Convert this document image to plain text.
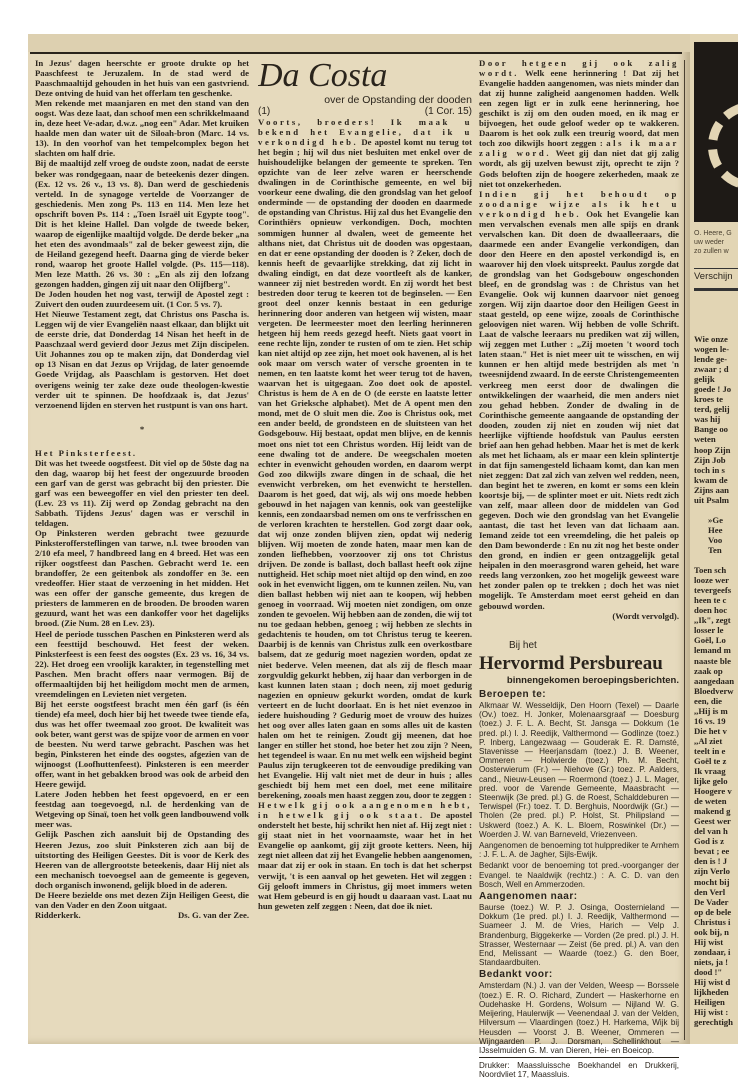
In Jezus' dagen heerschte er groote drukte op het Paaschfeest te Jeruzalem. In de stad werd de Paaschmaaltijd gehouden in het huis van een gastvriend. Deze ontving de huid van het offerlam ten geschenke.

Men rekende met maanjaren en met den stand van den oogst. Was deze laat, dan schoof men een schrikkelmaand in, deze heet Ve-adar, d.w.z. „nog een" Adar. Met kruiken haalde men dan water uit de Siloah-bron (Marc. 14 vs. 13). In den voorhof van het tempelcomplex begon het slachten om half drie.

Bij de maaltijd zelf vroeg de oudste zoon, nadat de eerste beker was rondgegaan, naar de beteekenis dezer dingen. (Ex. 12 vs. 26 v., 13 vs. 8). Dan werd de geschiedenis verteld. In de synagoge vertelde de Voorzanger de geschiedenis. Men zong Ps. 113 en 114. Men leze het opschrift boven Ps. 114 : „Toen Israël uit Egypte toog". Dit is het kleine Hallel. Dan volgde de tweede beker, waarop de eigenlijke maaltijd volgde. De derde beker „na het eten des avondmaals" zal de beker geweest zijn, die de Heiland gezegend heeft. Daarna ging de vierde beker rond, waarop het groote Hallel volgde. (Ps. 115—118). Men leze Matth. 26 vs. 30 : „En als zij den lofzang gezongen hadden, gingen zij uit naar den Olijfberg".

De Joden houden het nog vast, terwijl de Apostel zegt : Zuivert den ouden zuurdeesem uit. (1 Cor. 5 vs. 7).

Het Nieuwe Testament zegt, dat Christus ons Pascha is. Leggen wij de vier Evangeliën naast elkaar, dan blijkt uit de eerste drie, dat Donderdag 14 Nisan het heeft in de Paaschzaal werd gevierd door Jezus met Zijn discipelen. Uit Johannes zou op te maken zijn, dat Donderdag viel op 13 Nisan en dat Jezus op Vrijdag, de later genoemde Goede Vrijdag, als Paaschlam is gestorven. Het doet overigens weinig ter zake deze oude theologen-kwestie verder uit te spinnen. De hoofdzaak is, dat Jezus' verzoenend lijden en sterven het rustpunt is van ons hart.

*

Het Pinksterfeest.

Dit was het tweede oogstfeest. Dit viel op de 50ste dag na den dag, waarop bij het feest der ongezuurde brooden een garf van de gerst was gebracht bij den priester. Die garf was een beweegoffer en viel den priester ten deel. (Lev. 23 vs 11). Zij werd op Zondag gebracht na den Sabbath. Tijdens Jezus' dagen was er verschil in teldagen.

Op Pinksteren werden gebracht twee gezuurde Pinksteroffersteflingen van tarwe, n.l. twee brooden van 2/10 efa meel, 7 handbreed lang en 4 breed. Het was een rijker oogstfeest dan Paschen. Gebracht werd 1e. een brandoffer, 2e een geitenbok als zondoffer en 3e. een vredeoffer. Hier staat de verzoening in het midden. Het was een offer der gansche gemeente, dus kregen de priesters de lammeren en de brooden. De brooden waren gezuurd, want het was een dankoffer voor het dagelijks brood. (Zie Num. 28 en Lev. 23).

Heel de periode tusschen Paschen en Pinksteren werd als een feesttijd beschouwd. Het feest der weken. Pinksterfeest is een feest des oogstes (Ex. 23 vs. 16, 34 vs. 22). Het droeg een vroolijk karakter, in tegenstelling met Paschen. Men bracht offers naar vermogen. Bij de offermaaltijden bij het heiligdom mocht men de armen, vreemdelingen en Levieten niet vergeten.

Bij het eerste oogstfeest bracht men één garf (is één tiende) efa meel, doch hier bij het tweede twee tiende efa, dus was het offer tweemaal zoo groot. De kwaliteit was ook beter, want gerst was de spijze voor de armen en voor de beesten. Nu werd tarwe gebracht. Paschen was het begin, Pinksteren het einde des oogstes, afgezien van de wijnoogst (Loofhuttenfeest). Pinksteren is een meerder offer, want in het gebakken brood was ook de arbeid den Heere gewijd.

Latere Joden hebben het feest opgevoerd, en er een feestdag aan toegevoegd, n.l. de herdenking van de Wetgeving op Sinaï, toen het volk geen landbouwend volk meer was.

Gelijk Paschen zich aansluit bij de Opstanding des Heeren Jezus, zoo sluit Pinksteren zich aan bij de uitstorting des Heiligen Geestes. Dit is voor de Kerk des Heeren van de allergrootste beteekenis, daar Hij niet als een mechanisch toevoegsel aan de gemeente is gegeven, doch organisch inwonend, gelijk bloed in de aderen.

De Heere bezielde ons met dezen Zijn Heiligen Geest, die van den Vader en den Zoon uitgaat.

Ridderkerk.	Ds. G. van der Zee.

Da Costa

over de Opstanding der dooden

(1)	(1 Cor. 15)

Voorts, broeders! Ik maak u bekend het Evangelie, dat ik u verkondigd heb. De apostel komt nu terug tot het begin ; hij wil dus niet besluiten met enkel over de huishoudelijke belangen der gemeente te spreken. Ten opzichte van de leer zelve waren er heerschende dwalingen in de Corinthische gemeente, en wel bij voorkeur eene dwaling, die den grondslag van het geloof onderminde — de opstanding der dooden en daarmede de opstanding van Christus. Hij zal dus het Evangelie den Corinthiërs opnieuw verkondigen. Doch, mochten sommigen hunner al dwalen, weet de gemeente het althans niet, dat Christus uit de dooden was opgestaan, en dat er eene opstanding der dooden is ? Zeker, doch de kennis heeft de gevaarlijke strekking, dat zij licht in dwaling eindigt, en dat deze voortleeft als de kanker, wanneer zij niet bestreden wordt. En zij wordt het best bestreden door terug te keeren tot de beginselen. — Een groot deel onzer kennis bestaat in een gedurige herinnering door anderen van hetgeen wij wisten, maar vergeten. De leermeester moet den leerling herinneren hetgeen hij hem reeds gezegd heeft. Niets gaat voort in eene rechte lijn, zonder te rusten of om te zien. Het schip kan niet altijd op zee zijn, het moet ook havenen, al is het ook maar om versch water of versche groenten in te nemen, en ten laatste komt het weer terug tot de haven, waarvan het is uitgegaan. Zoo doet ook de apostel. Christus is hem de A en de O (de eerste en laatste letter van het Grieksche alphabet). Met de A opent men den mond, met de O sluit men die. Zoo is Christus ook, met een ander beeld, de grondsteen en de sluitsteen van het Godsgebouw. Hij bestaat, opdat men blijve, en de kennis moet ons niet tot een Christus worden. Hij leidt van de eene dwaling tot de andere. De weegschalen moeten echter in evenwicht gehouden worden, en daarom werpt God zoo dikwijls zware dingen in de schaal, die het evenwicht verbreken, om het evenwicht te herstellen. Daarom is het goed, dat wij, als wij ons moede hebben gebouwd in het najagen van kennis, ook van geestelijke kennis, een zondaarsbad nemen om ons te verfrisschen en de verloren krachten te herstellen. God zorgt daar ook, dat wij onze zonden blijven zien, opdat wij nederig blijven. Wij moeten de zonde haten, maar men kan de zonden liefhebben, voorzoover zij ons tot Christus drijven. De zonde is ballast, doch ballast heeft ook zijne nuttigheid. Het schip moet niet altijd op den wind, en zoo ook in het evenwicht liggen, om te kunnen zeilen. Nu, van dien ballast hebben wij niet aan te koopen, wij hebben genoeg in voorraad. Wij moeten niet zondigen, om onze zonden te gevoelen. Wij hebben aan de zonden, die wij tot nu toe gedaan hebben, genoeg ; wij hebben ze slechts in gedachtenis te houden, om tot Christus terug te keeren. Daarbij is de kennis van Christus zulk een overkostbare balsem, dat ze gedurig moet nagezien worden, opdat ze niet bederve. Velen meenen, dat als zij de flesch maar zorgvuldig gekurkt hebben, zij haar dan verborgen in de kast kunnen laten staan ; doch neen, zij moet gedurig nagezien en opnieuw gekurkt worden, omdat de kurk verteert en de lucht doorlaat. En is het niet evenzoo in iedere huishouding ? Gedurig moet de vrouw des huizes het oog over alles laten gaan en soms alles uit de kasten halen om het te reinigen. Zoudt gij meenen, dat hoe langer en stiller het stond, hoe beter het zou zijn ? Neen, het tegendeel is waar. En nu met welk een wijsheid begint Paulus zijn terugkeeren tot de eenvoudige prediking van het Evangelie. Hij valt niet met de deur in huis ; alles geschiedt bij hem met een doel, met eene militaire berekening, zooals men haast zeggen zou, door te zeggen :

Hetwelk gij ook aangenomen hebt, in hetwelk gij ook staat. De apostel onderstelt het beste, hij schrikt hen niet af. Hij zegt niet : gij staat niet in het voornaamste, waar het in het Evangelie op aankomt, gij zijt groote ketters. Neen, hij zegt niet alleen dat zij het Evangelie hebben aangenomen, maar dat zij er ook in staan. En toch is dat het scherpst verwijt, 't is een aanval op het geweten. Het wil zeggen : Gij gelooft immers in Christus, gij moet immers weten wat Hem gebeurd is en gij houdt u daaraan vast. Laat nu hun geweten zelf zeggen : Neen, dat doe ik niet.

Door hetgeen gij ook zalig wordt. Welk eene herinnering ! Dat zij het Evangelie hadden aangenomen, was niets minder dan dat zij hunne zaligheid aangenomen hadden. Welk een zegen ligt er in zulk eene herinnering, hoe geschikt is zij om den ouden moed, en ik mag er bijvoegen, het oude geloof weder op te wakkeren. Daarom is het ook zulk een treurig woord, dat men toch zoo dikwijls hoort zeggen : als ik maar zalig word. Weet gij dan niet dat gij zalig wordt, als gij uzelven bewust zijt, oprecht te zijn ? Gods beloften zijn de hoogere zekerheden, maak ze niet tot onzekerheden.

Indien gij het behoudt op zoodanige wijze als ik het u verkondigd heb. Ook het Evangelie kan men vervalschen evenals men alle spijs en drank vervalschen kan. Dit doen de dwaalleeraars, die daarmede een ander Evangelie verkondigen, dan door den Heere en den apostel verkondigd is, en waarover hij den vloek uitspreekt. Paulus zorgde dat de grondslag van het Godsgebouw ongeschonden bleef, en de grondslag was : de Christus van het Evangelie. Ook wij kunnen daarvoor niet genoeg zorgen. Wij zijn daartoe door den Heiligen Geest in staat gesteld, op eene wijze, zooals de Corinthische geloovigen niet waren. Wij hebben de volle Schrift. Laat de valsche leeraars nu prediken wat zij willen, wij zeggen met Luther : „Zij moeten 't woord toch laten staan." Het is niet meer uit te wisschen, en wij kunnen er hen altijd mede bestrijden als met 'n tweesnijdend zwaard. In de eerste Christengemeenten verkreeg men eerst door de dwalingen die ontwikkelingen der waarheid, die men anders niet zou gehad hebben. Zonder de dwaling in de Corinthische gemeente aangaande de opstanding der dooden, zouden zij niet en zouden wij niet dat heerlijke vijftiende hoofdstuk van Paulus eersten brief aan hen gehad hebben. Maar het is met de kerk als met het lichaam, als er maar een klein splintertje in dat fijn samengesteld lichaam komt, dan kan men niet zeggen: Dat zal zich van zelven wel redden, neen, dan begint het te zweren, en komt er soms een klein koortsje bij, — de splinter moet er uit. Niets redt zich van zelf, maar alleen door de middelen van God gegeven. Doch wie den grondslag van het Evangelie aantast, die tast het leven van dat lichaam aan. Iemand zeide tot een vreemdeling, die het paleis op den Dam bewonderde : En nu zit nog het beste onder den grond, en indien er geen ontzaggelijk getal heipalen in den moerasgrond waren geheid, het ware reeds lang verzonken, zoo het mogelijk geweest ware het zonder palen op te trekken ; doch het was niet mogelijk. Te Amsterdam moet eerst geheid en dan gebouwd worden.

(Wordt vervolgd).

Bij het
Hervormd Persbureau
binnengekomen beroepingsberichten.
Beroepen te:

Alkmaar W. Wesseldijk, Den Hoorn (Texel) — Daarle (Ov.) toez. H. Jonker, Molenaarsgraaf — Doesburg (toez.) J. F. L. A. Becht, St. Jansga — Dokkum (1e pred. pl.) I. J. Reedijk, Valthermond — Godlinze (toez.) P. Inberg, Langezwaag — Gouderak E. R. Damsté, Stavenisse — Heerjansdam (toez.) J. B. Weener, Ommeren — Holwierde (toez.) Ph. M. Becht, Oosterwierum (Fr.) — Niehove (Gr.) toez. P. Aalders, cand., Nieuw-Leusen — Roermond (toez.) J. L. Mager, pred. voor de Varende Gemeente, Maasbracht — Steenwijk (3e pred. pl.) G. de Roest, Schalddeburen — Terwispel (Fr.) toez. T. D. Berghuis, Noordwijk (Gr.) — Tholen (2e pred. pl.) P. Holst, St. Philipsland — Uskwerd (toez.) A. K. L. Bloem, Roswinkel (Dr.) — Woerden J. W. van Barneveld, Vriezenveen.

Aangenomen de benoeming tot hulpprediker te Arnhem : J. F. L. A. de Jagher, Sijls-Ewijk.

Bedankt voor de benoeming tot pred.-voorganger der Evangel. te Naaldwijk (rechtz.) : A. C. D. van den Bosch, Well en Ammerzoden.

Aangenomen naar:

Baurse (toez.) W. P. J. Osinga, Oosternieland — Dokkum (1e pred. pl.) I. J. Reedijk, Valthermond — Suameer J. M. de Vries, Harich — Velp J. Brandenburg, Biggekerke — Vorden (2e pred. pl.) J. H. Strasser, Westernaar — Zeist (6e pred. pl.) A. van den End, Melissant — Waarde (toez.) G. den Boer, Standaardbuiten.

Bedankt voor:

Amsterdam (N.) J. van der Velden, Weesp — Borssele (toez.) E. R. O. Richard, Zundert — Haskerhorne en Oudehaske H. Gordens, Wolsum — Nijland W. G. Meijering, Haulerwijk — Veenendaal J. van der Velden, Hilversum — Vlaardingen (toez.) H. Harkema, Wijk bij Heusden — Voorst J. B. Weener, Ommeren — Wijngaarden P. J. Dorsman, Schellinkhout — IJsselmuiden G. M. van Dieren, Hei- en Boeicop.

Drukker: Maassluissche Boekhandel en Drukkerij, Noordvliet 17, Maassluis.

O. Heere, G
uw weder
zo zullen w
Verschijn
Wie onze
wogen le-
lende ge-
zwaar ; d
gelijk
goede ! Jo
kroes te
terd, gelij
was hij
Bange oo
weten
hoop Zijn
Zijn Job
toch in s
kwam de
Zijns aan
uit Psalm

»Ge
Hee
Voo
Ten

Toen sch
looze wer
tevergeefs
heen te c
doen hoc
,,Ik", zegt
losser le
Goël, Lo
lemand m
naaste ble
zaak op
aangedaan
Bloedverw
een, die
,,Hij is m
16 vs. 19
Die het v
,,Al ziet
teelt in e
Goël te z
Ik vraag
lijke gelo
Hoogere v
de weten
makend g
Geest wer
del van h
God is z
bevat ; ee
den is ! J
zijn Verlo
mocht bij
den Verl
De Vader
op de bele
Christus i
ook bij, n
Hij wist
zondaar, i
niets, ja !
dood !"
Hij wist d
lijkheden
Heiligen
Hij wist :
gerechtigh
